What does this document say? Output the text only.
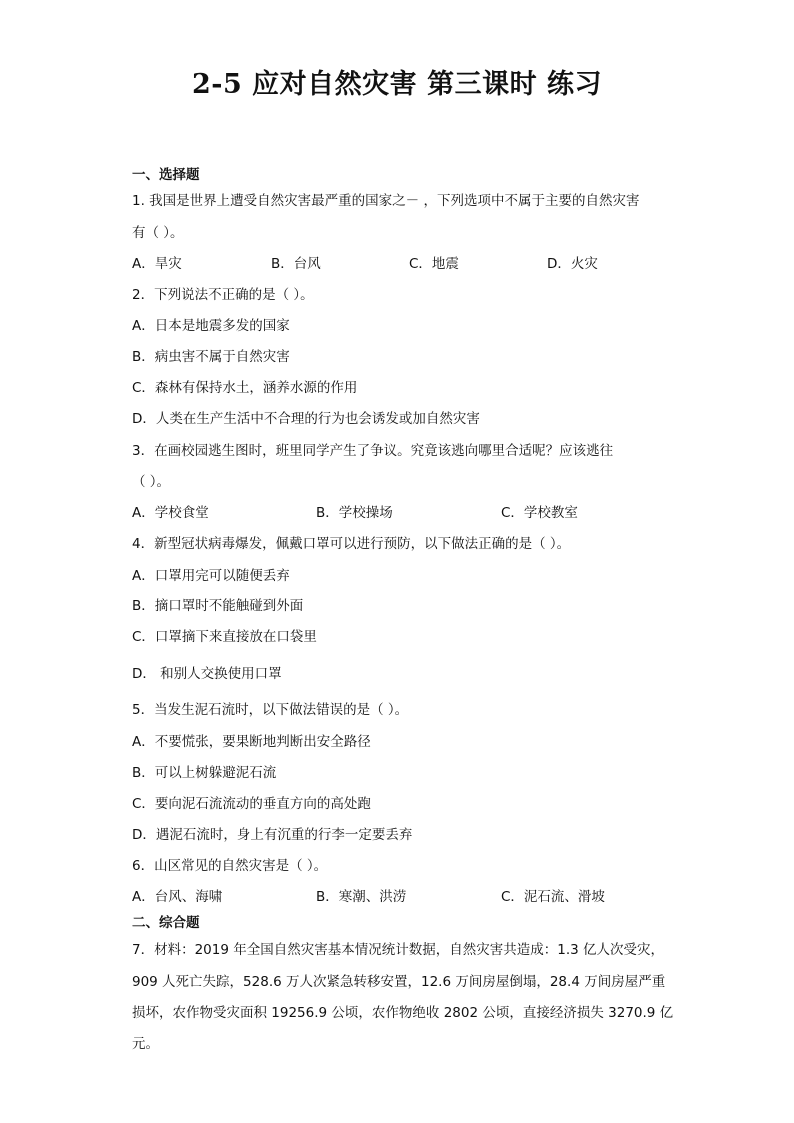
2-5 应对自然灾害 第三课时 练习
一、选择题
1. 我国是世界上遭受自然灾害最严重的国家之－ ，下列选项中不属于主要的自然灾害
有（ ）。
A．旱灾	B．台风	C．地震	D．火灾
2．下列说法不正确的是（ ）。
A．日本是地震多发的国家
B．病虫害不属于自然灾害
C．森林有保持水土，涵养水源的作用
D．人类在生产生活中不合理的行为也会诱发或加自然灾害
3．在画校园逃生图时，班里同学产生了争议。究竟该逃向哪里合适呢？应该逃往
（ ）。
A．学校食堂	B．学校操场	C．学校教室
4．新型冠状病毒爆发，佩戴口罩可以进行预防，以下做法正确的是（ ）。
A．口罩用完可以随便丢弃
B．摘口罩时不能触碰到外面
C．口罩摘下来直接放在口袋里
D． 和别人交换使用口罩
5．当发生泥石流时，以下做法错误的是（ ）。
A．不要慌张，要果断地判断出安全路径
B．可以上树躲避泥石流
C．要向泥石流流动的垂直方向的高处跑
D．遇泥石流时，身上有沉重的行李一定要丢弃
6．山区常见的自然灾害是（ ）。
A．台风、海啸	B．寒潮、洪涝	C．泥石流、滑坡
二、综合题
7．材料：2019 年全国自然灾害基本情况统计数据，自然灾害共造成：1.3 亿人次受灾，
909 人死亡失踪，528.6 万人次紧急转移安置，12.6 万间房屋倒塌，28.4 万间房屋严重
损坏，农作物受灾面积 19256.9 公顷，农作物绝收 2802 公顷，直接经济损失 3270.9 亿
元。
